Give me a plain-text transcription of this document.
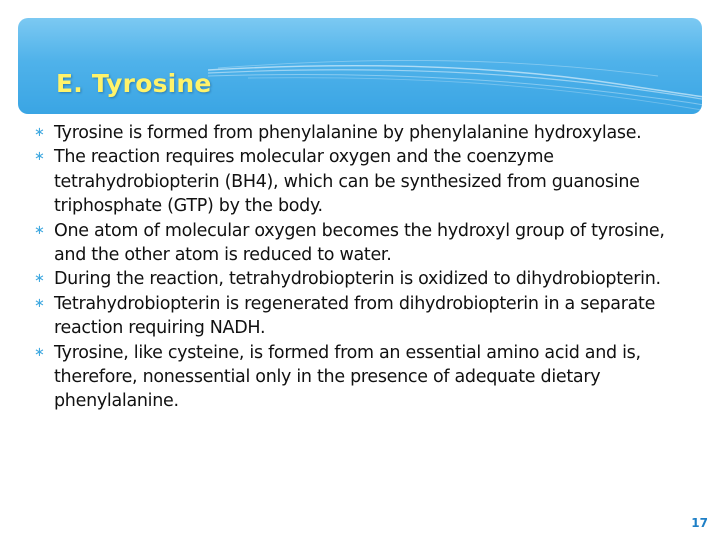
E. Tyrosine
∗ Tyrosine is formed from phenylalanine by phenylalanine hydroxylase.
∗ The reaction requires molecular oxygen and the coenzyme tetrahydrobiopterin (BH4), which can be synthesized from guanosine triphosphate (GTP) by the body.
∗ One atom of molecular oxygen becomes the hydroxyl group of tyrosine, and the other atom is reduced to water.
∗ During the reaction, tetrahydrobiopterin is oxidized to dihydrobiopterin.
∗ Tetrahydrobiopterin is regenerated from dihydrobiopterin in a separate reaction requiring NADH.
∗ Tyrosine, like cysteine, is formed from an essential amino acid and is, therefore, nonessential only in the presence of adequate dietary phenylalanine.
17
